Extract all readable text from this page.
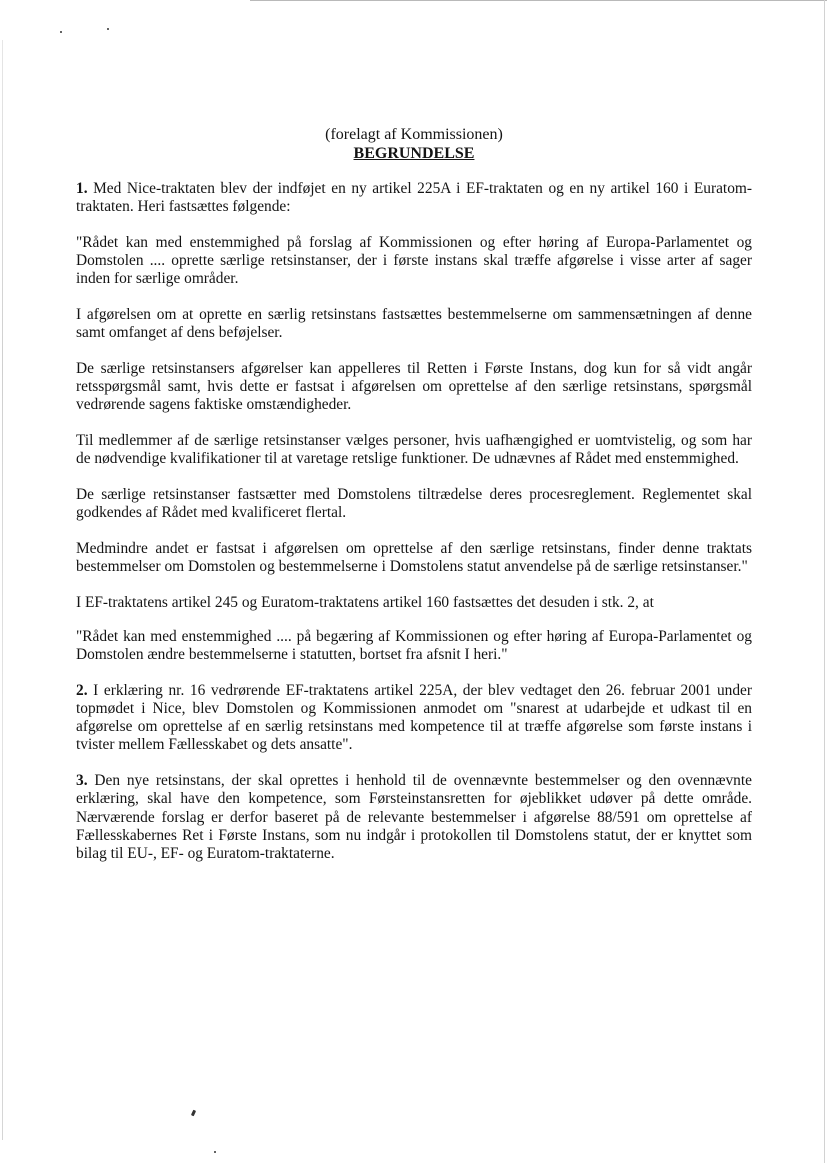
(forelagt af Kommissionen)

BEGRUNDELSE

1. Med Nice-traktaten blev der indføjet en ny artikel 225A i EF-traktaten og en ny artikel 160 i Euratom-traktaten. Heri fastsættes følgende:

"Rådet kan med enstemmighed på forslag af Kommissionen og efter høring af Europa-Parlamentet og Domstolen .... oprette særlige retsinstanser, der i første instans skal træffe afgørelse i visse arter af sager inden for særlige områder.

I afgørelsen om at oprette en særlig retsinstans fastsættes bestemmelserne om sammensætningen af denne samt omfanget af dens beføjelser.

De særlige retsinstansers afgørelser kan appelleres til Retten i Første Instans, dog kun for så vidt angår retsspørgsmål samt, hvis dette er fastsat i afgørelsen om oprettelse af den særlige retsinstans, spørgsmål vedrørende sagens faktiske omstændigheder.

Til medlemmer af de særlige retsinstanser vælges personer, hvis uafhængighed er uomtvistelig, og som har de nødvendige kvalifikationer til at varetage retslige funktioner. De udnævnes af Rådet med enstemmighed.

De særlige retsinstanser fastsætter med Domstolens tiltrædelse deres procesreglement. Reglementet skal godkendes af Rådet med kvalificeret flertal.

Medmindre andet er fastsat i afgørelsen om oprettelse af den særlige retsinstans, finder denne traktats bestemmelser om Domstolen og bestemmelserne i Domstolens statut anvendelse på de særlige retsinstanser."

I EF-traktatens artikel 245 og Euratom-traktatens artikel 160 fastsættes det desuden i stk. 2, at

"Rådet kan med enstemmighed .... på begæring af Kommissionen og efter høring af Europa-Parlamentet og Domstolen ændre bestemmelserne i statutten, bortset fra afsnit I heri."

2. I erklæring nr. 16 vedrørende EF-traktatens artikel 225A, der blev vedtaget den 26. februar 2001 under topmødet i Nice, blev Domstolen og Kommissionen anmodet om "snarest at udarbejde et udkast til en afgørelse om oprettelse af en særlig retsinstans med kompetence til at træffe afgørelse som første instans i tvister mellem Fællesskabet og dets ansatte".

3. Den nye retsinstans, der skal oprettes i henhold til de ovennævnte bestemmelser og den ovennævnte erklæring, skal have den kompetence, som Førsteinstansretten for øjeblikket udøver på dette område. Nærværende forslag er derfor baseret på de relevante bestemmelser i afgørelse 88/591 om oprettelse af Fællesskabernes Ret i Første Instans, som nu indgår i protokollen til Domstolens statut, der er knyttet som bilag til EU-, EF- og Euratom-traktaterne.
